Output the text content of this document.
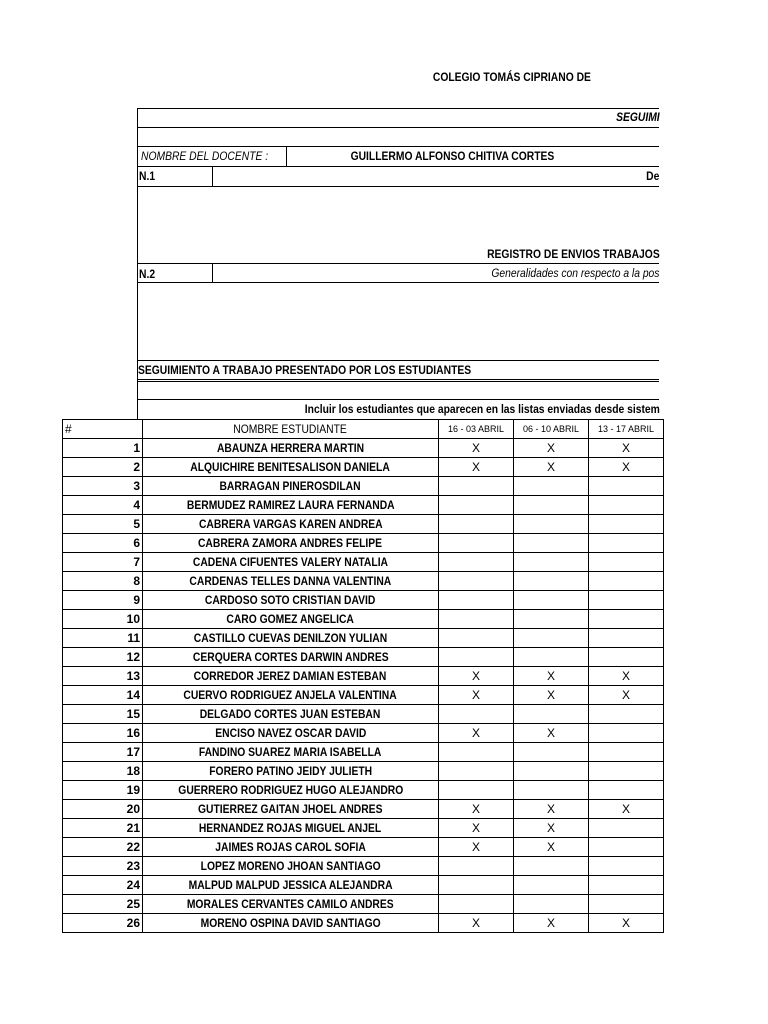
COLEGIO TOMÁS CIPRIANO DE
SEGUIMI
NOMBRE DEL DOCENTE :	GUILLERMO ALFONSO CHITIVA CORTES
N.1	De
REGISTRO DE ENVIOS TRABAJOS
N.2	Generalidades con respecto a la pos
SEGUIMIENTO A TRABAJO PRESENTADO POR LOS ESTUDIANTES
Incluir los estudiantes que aparecen en las listas enviadas desde sistem
#	NOMBRE ESTUDIANTE	16 - 03 ABRIL	06 - 10 ABRIL	13 - 17 ABRIL
1	ABAUNZA HERRERA MARTIN	X	X	X
2	ALQUICHIRE BENITESALISON DANIELA	X	X	X
3	BARRAGAN PINEROSDILAN			
4	BERMUDEZ RAMIREZ LAURA FERNANDA			
5	CABRERA VARGAS KAREN ANDREA			
6	CABRERA ZAMORA ANDRES FELIPE			
7	CADENA CIFUENTES VALERY NATALIA			
8	CARDENAS TELLES DANNA VALENTINA			
9	CARDOSO SOTO CRISTIAN DAVID			
10	CARO GOMEZ ANGELICA			
11	CASTILLO CUEVAS DENILZON YULIAN			
12	CERQUERA CORTES DARWIN ANDRES			
13	CORREDOR JEREZ DAMIAN ESTEBAN	X	X	X
14	CUERVO RODRIGUEZ ANJELA VALENTINA	X	X	X
15	DELGADO CORTES JUAN ESTEBAN			
16	ENCISO NAVEZ OSCAR DAVID	X	X	
17	FANDINO SUAREZ MARIA ISABELLA			
18	FORERO PATINO JEIDY JULIETH			
19	GUERRERO RODRIGUEZ HUGO ALEJANDRO			
20	GUTIERREZ GAITAN JHOEL ANDRES	X	X	X
21	HERNANDEZ ROJAS MIGUEL ANJEL	X	X	
22	JAIMES ROJAS CAROL SOFIA	X	X	
23	LOPEZ MORENO JHOAN SANTIAGO			
24	MALPUD MALPUD JESSICA ALEJANDRA			
25	MORALES CERVANTES CAMILO ANDRES			
26	MORENO OSPINA DAVID SANTIAGO	X	X	X
